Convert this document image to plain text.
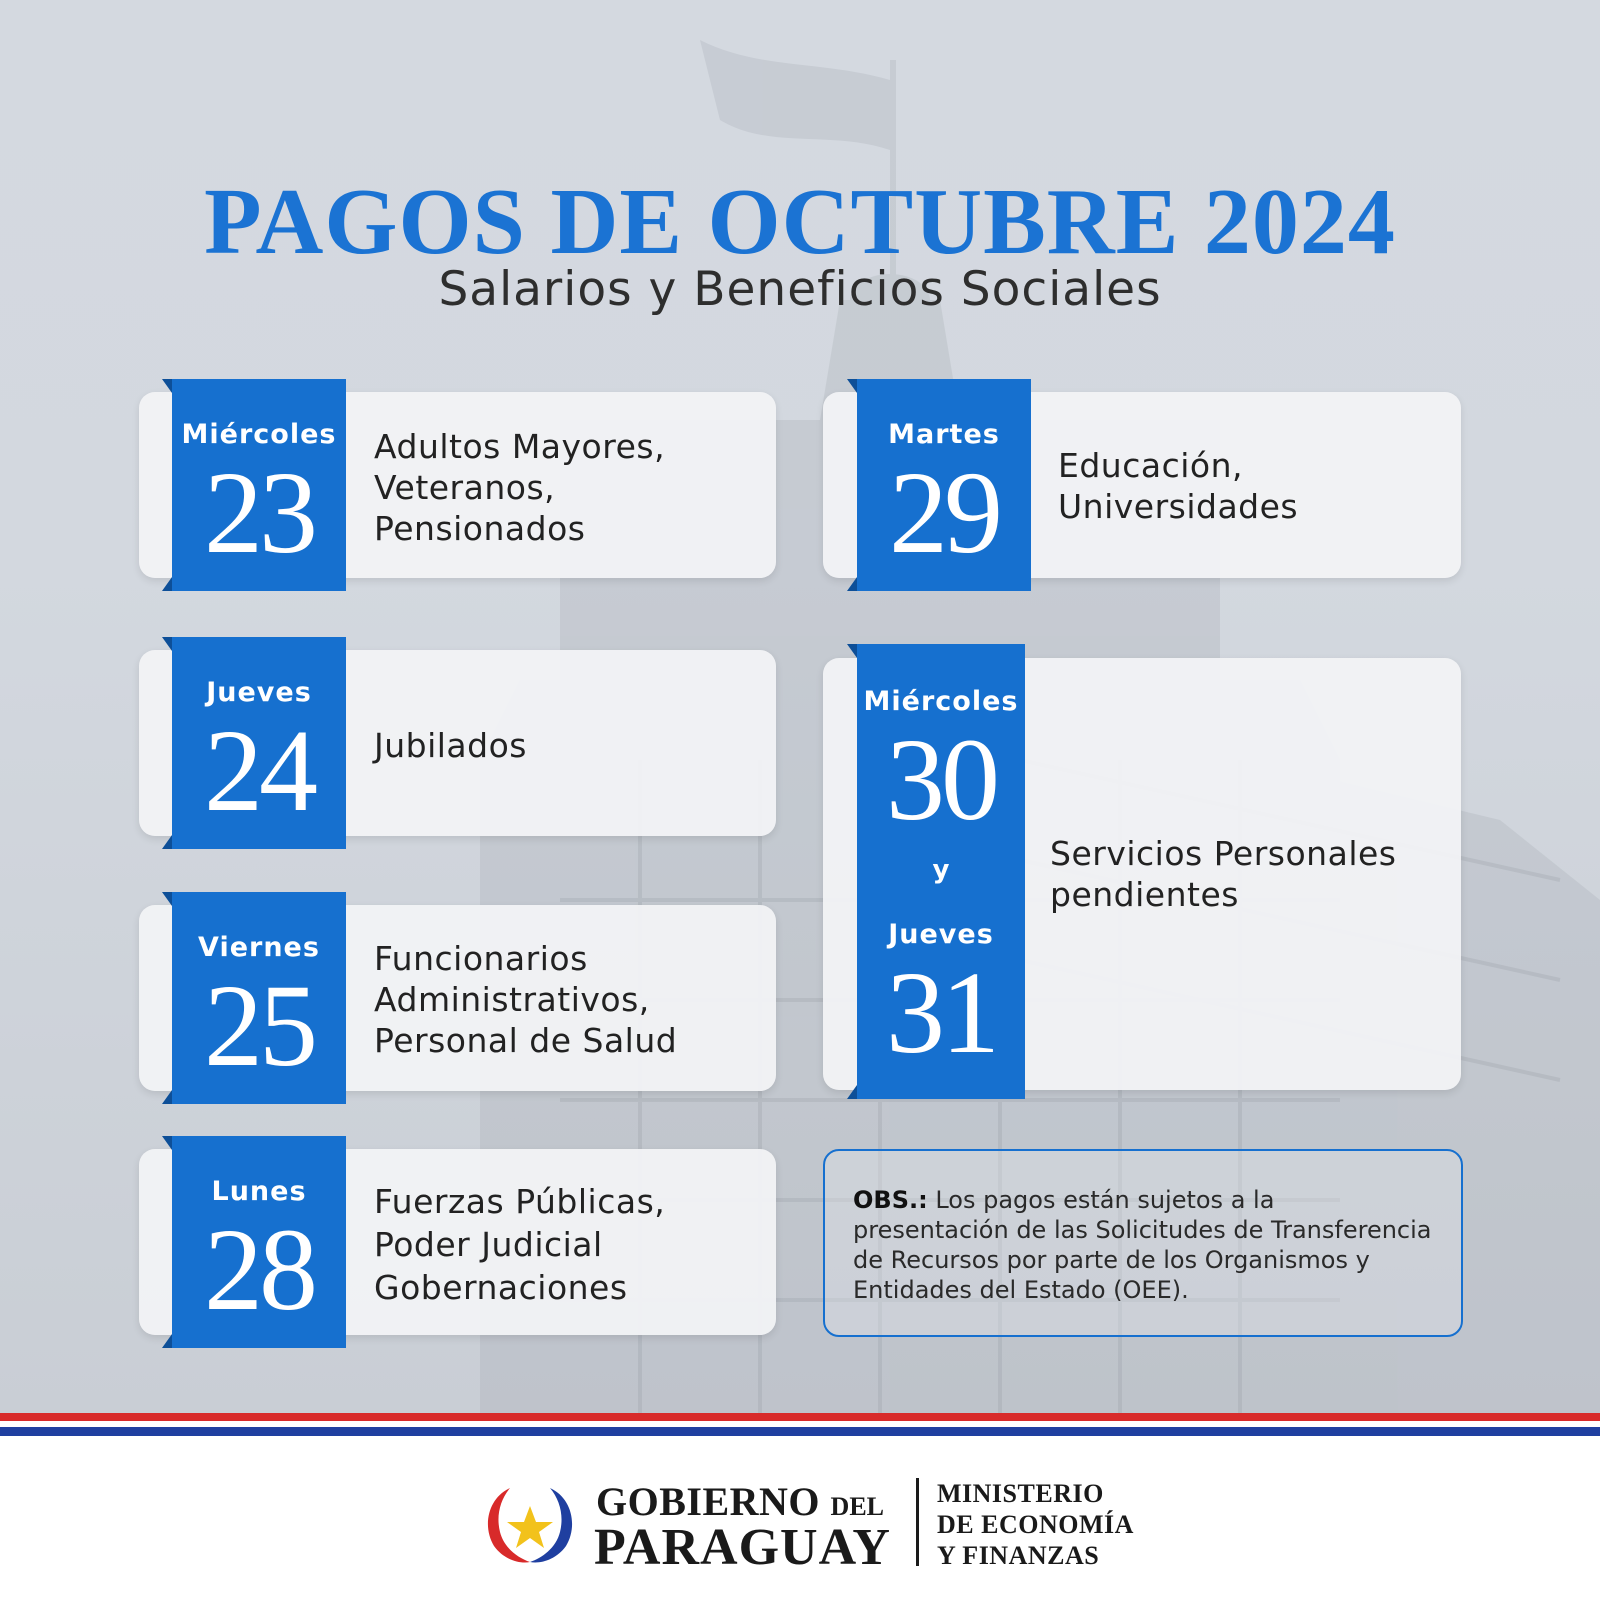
PAGOS DE OCTUBRE 2024
Salarios y Beneficios Sociales
Miércoles
23
Adultos Mayores,
Veteranos,
Pensionados
Jueves
24	Jubilados
Viernes
25
Funcionarios
Administrativos,
Personal de Salud
Lunes
28
Fuerzas Públicas,
Poder Judicial
Gobernaciones
Martes
29	Educación,
Universidades
Miércoles
30
y
Jueves
31
Servicios Personales
pendientes
OBS.: Los pagos están sujetos a la presentación de las Solicitudes de Transferencia de Recursos por parte de los Organismos y Entidades del Estado (OEE).
GOBIERNO DEL
PARAGUAY
MINISTERIO
DE ECONOMÍA
Y FINANZAS
